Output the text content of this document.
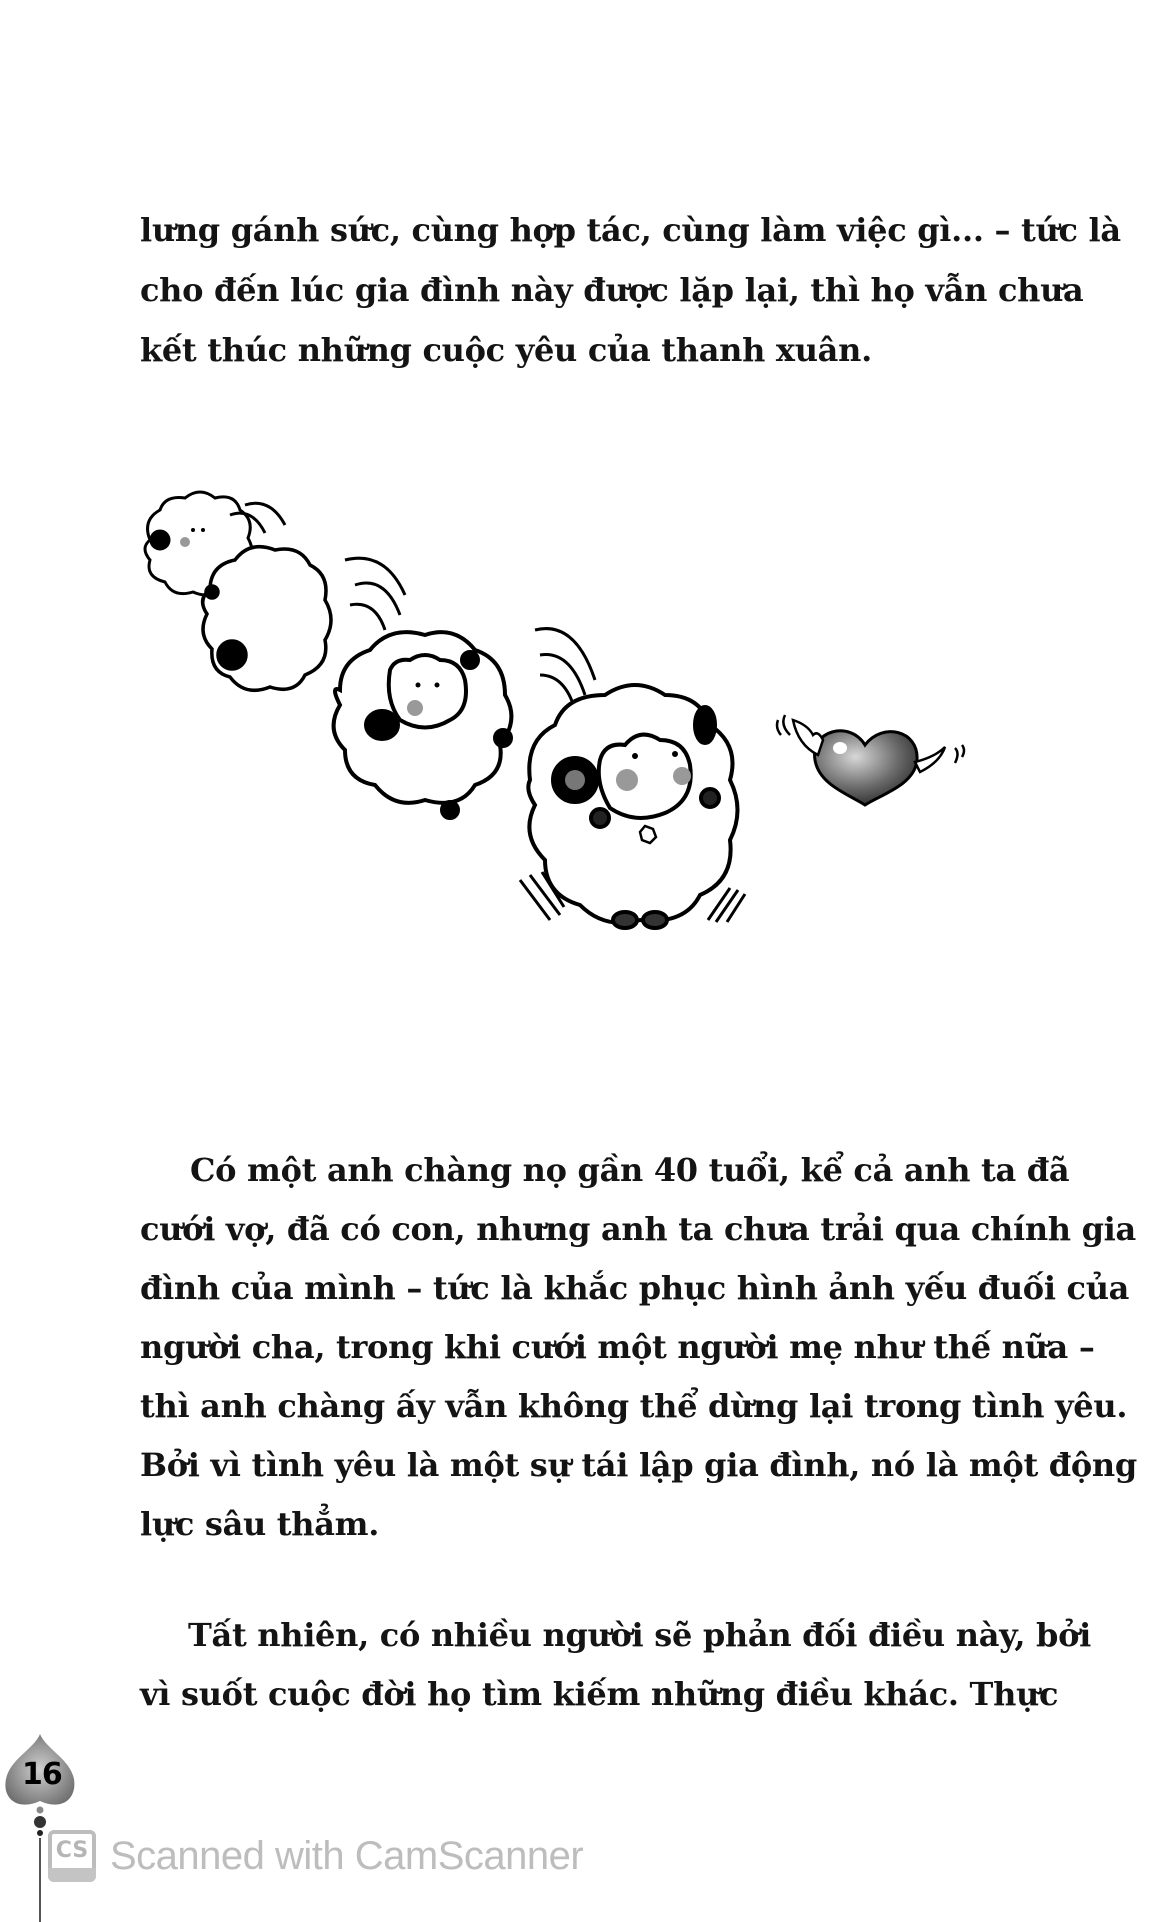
lưng gánh sức, cùng hợp tác, cùng làm việc gì... – tức là
cho đến lúc gia đình này được lặp lại, thì họ vẫn chưa
kết thúc những cuộc yêu của thanh xuân.
Có một anh chàng nọ gần 40 tuổi, kể cả anh ta đã
cưới vợ, đã có con, nhưng anh ta chưa trải qua chính gia
đình của mình – tức là khắc phục hình ảnh yếu đuối của
người cha, trong khi cưới một người mẹ như thế nữa –
thì anh chàng ấy vẫn không thể dừng lại trong tình yêu.
Bởi vì tình yêu là một sự tái lập gia đình, nó là một động
lực sâu thẳm.
Tất nhiên, có nhiều người sẽ phản đối điều này, bởi
vì suốt cuộc đời họ tìm kiếm những điều khác. Thực
16
CS Scanned with CamScanner
